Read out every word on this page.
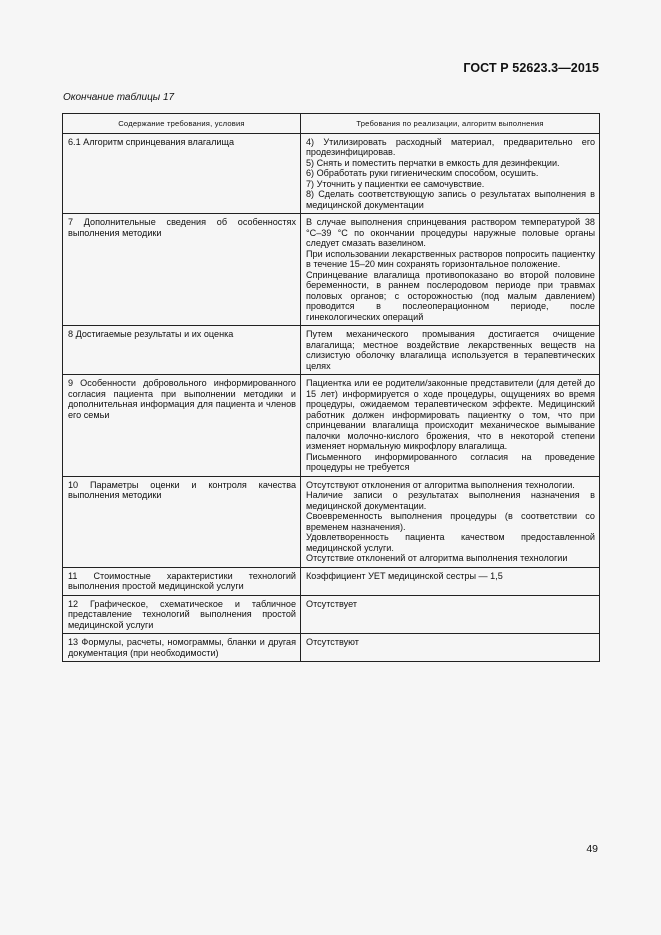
ГОСТ Р 52623.3—2015
Окончание таблицы 17
Содержание требования, условия	Требования по реализации, алгоритм выполнения
6.1 Алгоритм спринцевания влагалища	4) Утилизировать расходный материал, предварительно его продезинфицировав.

5) Снять и поместить перчатки в емкость для дезинфекции.

6) Обработать руки гигиеническим способом, осушить.

7) Уточнить у пациентки ее самочувствие.

8) Сделать соответствующую запись о результатах выполнения в медицинской документации

7 Дополнительные сведения об особенностях выполнения методики	В случае выполнения спринцевания раствором температурой 38 °С–39 °С по окончании процедуры наружные половые органы следует смазать вазелином.

При использовании лекарственных растворов попросить пациентку в течение 15–20 мин сохранять горизонтальное положение.

Спринцевание влагалища противопоказано во второй половине беременности, в раннем послеродовом периоде при травмах половых органов; с осторожностью (под малым давлением) проводится в послеоперационном периоде, после гинекологических операций

8 Достигаемые результаты и их оценка	Путем механического промывания достигается очищение влагалища; местное воздействие лекарственных веществ на слизистую оболочку влагалища используется в терапевтических целях

9 Особенности добровольного информированного согласия пациента при выполнении методики и дополнительная информация для пациента и членов его семьи	Пациентка или ее родители/законные представители (для детей до 15 лет) информируется о ходе процедуры, ощущениях во время процедуры, ожидаемом терапевтическом эффекте. Медицинский работник должен информировать пациентку о том, что при спринцевании влагалища происходит механическое вымывание палочки молочно-кислого брожения, что в некоторой степени изменяет нормальную микрофлору влагалища.

Письменного информированного согласия на проведение процедуры не требуется

10 Параметры оценки и контроля качества выполнения методики	Отсутствуют отклонения от алгоритма выполнения технологии.

Наличие записи о результатах выполнения назначения в медицинской документации.

Своевременность выполнения процедуры (в соответствии со временем назначения).

Удовлетворенность пациента качеством предоставленной медицинской услуги.

Отсутствие отклонений от алгоритма выполнения технологии

11 Стоимостные характеристики технологий выполнения простой медицинской услуги	Коэффициент УЕТ медицинской сестры — 1,5

12 Графическое, схематическое и табличное представление технологий выполнения простой медицинской услуги	Отсутствует

13 Формулы, расчеты, номограммы, бланки и другая документация (при необходимости)	Отсутствуют

49
